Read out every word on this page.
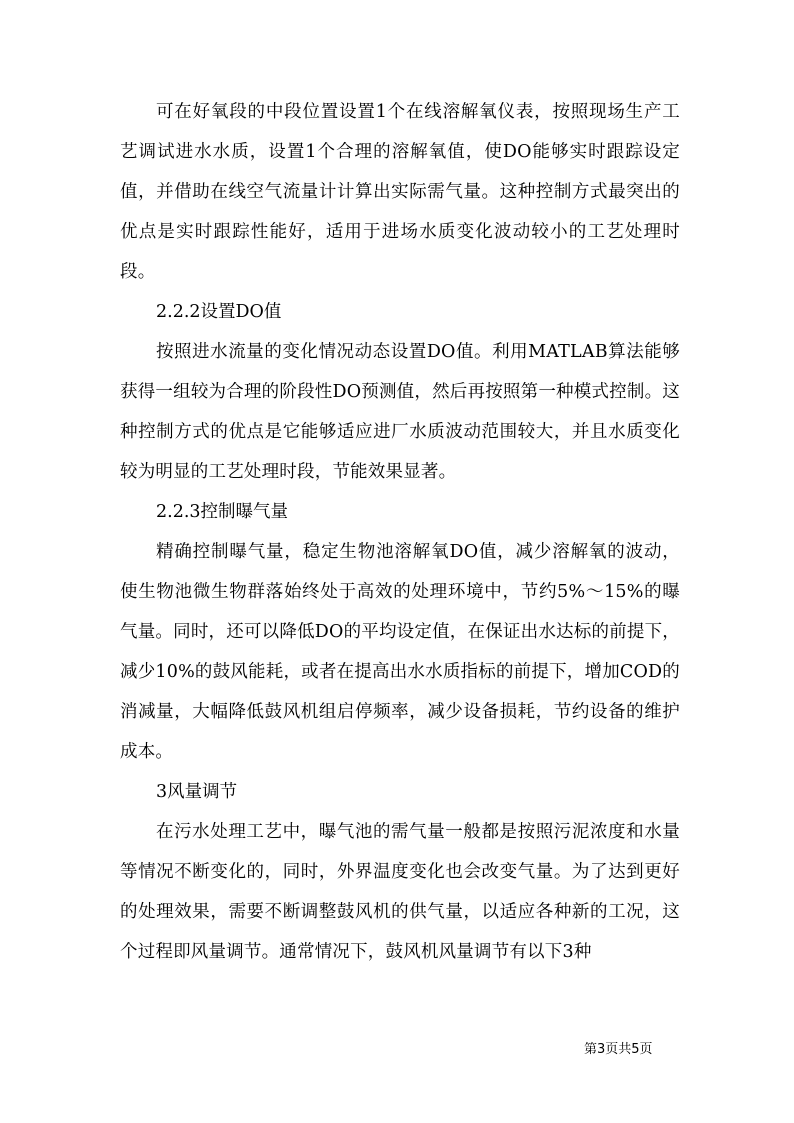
可在好氧段的中段位置设置1个在线溶解氧仪表，按照现场生产工艺调试进水水质，设置1个合理的溶解氧值，使DO能够实时跟踪设定值，并借助在线空气流量计计算出实际需气量。这种控制方式最突出的优点是实时跟踪性能好，适用于进场水质变化波动较小的工艺处理时段。

2.2.2设置DO值

按照进水流量的变化情况动态设置DO值。利用MATLAB算法能够获得一组较为合理的阶段性DO预测值，然后再按照第一种模式控制。这种控制方式的优点是它能够适应进厂水质波动范围较大，并且水质变化较为明显的工艺处理时段，节能效果显著。

2.2.3控制曝气量

精确控制曝气量，稳定生物池溶解氧DO值，减少溶解氧的波动，使生物池微生物群落始终处于高效的处理环境中，节约5%～15%的曝气量。同时，还可以降低DO的平均设定值，在保证出水达标的前提下，减少10%的鼓风能耗，或者在提高出水水质指标的前提下，增加COD的消减量，大幅降低鼓风机组启停频率，减少设备损耗，节约设备的维护成本。

3风量调节

在污水处理工艺中，曝气池的需气量一般都是按照污泥浓度和水量等情况不断变化的，同时，外界温度变化也会改变气量。为了达到更好的处理效果，需要不断调整鼓风机的供气量，以适应各种新的工况，这个过程即风量调节。通常情况下，鼓风机风量调节有以下3种

第3页共5页
